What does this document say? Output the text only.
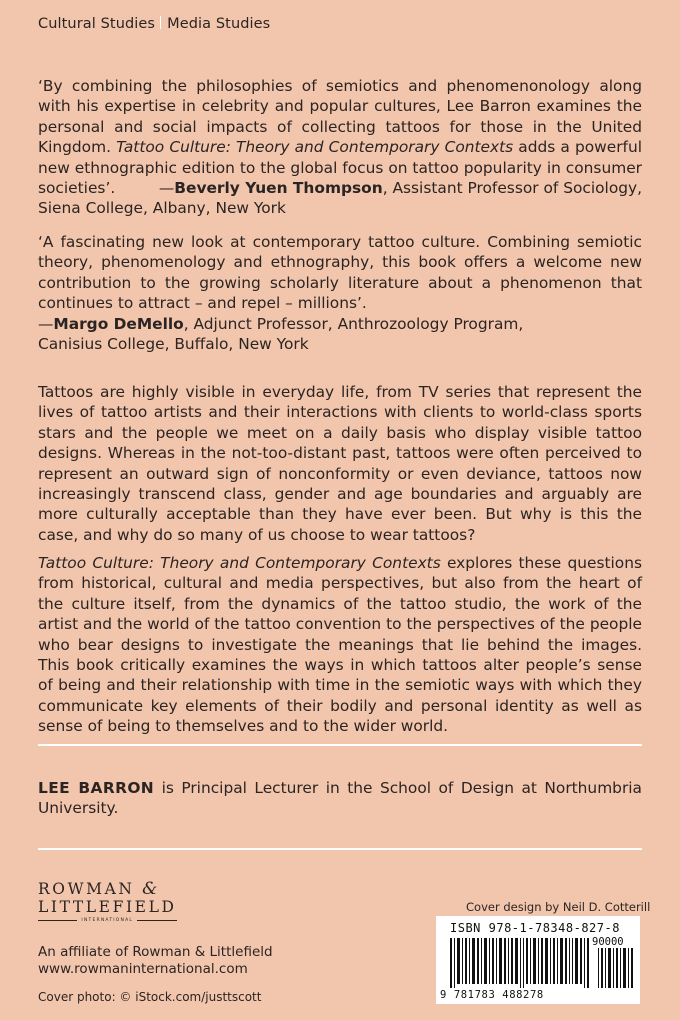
Cultural Studies Media Studies
‘By combining the philosophies of semiotics and phenomenonology along with his expertise in celebrity and popular cultures, Lee Barron examines the personal and social impacts of collecting tattoos for those in the United Kingdom. Tattoo Culture: Theory and Contemporary Contexts adds a powerful new ethnographic edition to the global focus on tattoo popularity in consumer societies’.	—Beverly Yuen Thompson, Assistant Professor of Sociology,
Siena College, Albany, New York
‘A fascinating new look at contemporary tattoo culture. Combining semiotic theory, phenomenology and ethnography, this book offers a welcome new contribution to the growing scholarly literature about a phenomenon that continues to attract – and repel – millions’.
—Margo DeMello, Adjunct Professor, Anthrozoology Program,
Canisius College, Buffalo, New York
Tattoos are highly visible in everyday life, from TV series that represent the lives of tattoo artists and their interactions with clients to world-class sports stars and the people we meet on a daily basis who display visible tattoo designs. Whereas in the not-too-distant past, tattoos were often perceived to represent an outward sign of nonconformity or even deviance, tattoos now increasingly transcend class, gender and age boundaries and arguably are more culturally acceptable than they have ever been. But why is this the case, and why do so many of us choose to wear tattoos?
Tattoo Culture: Theory and Contemporary Contexts explores these questions from historical, cultural and media perspectives, but also from the heart of the culture itself, from the dynamics of the tattoo studio, the work of the artist and the world of the tattoo convention to the perspectives of the people who bear designs to investigate the meanings that lie behind the images. This book critically examines the ways in which tattoos alter people’s sense of being and their relationship with time in the semiotic ways with which they communicate key elements of their bodily and personal identity as well as sense of being to themselves and to the wider world.
LEE BARRON is Principal Lecturer in the School of Design at Northumbria University.
ROWMAN &
LITTLEFIELD
INTERNATIONAL
An affiliate of Rowman & Littlefield
www.rowmaninternational.com
Cover photo: © iStock.com/justtscott
Cover design by Neil D. Cotterill
ISBN 978-1-78348-827-8
90000
9 781783 488278
